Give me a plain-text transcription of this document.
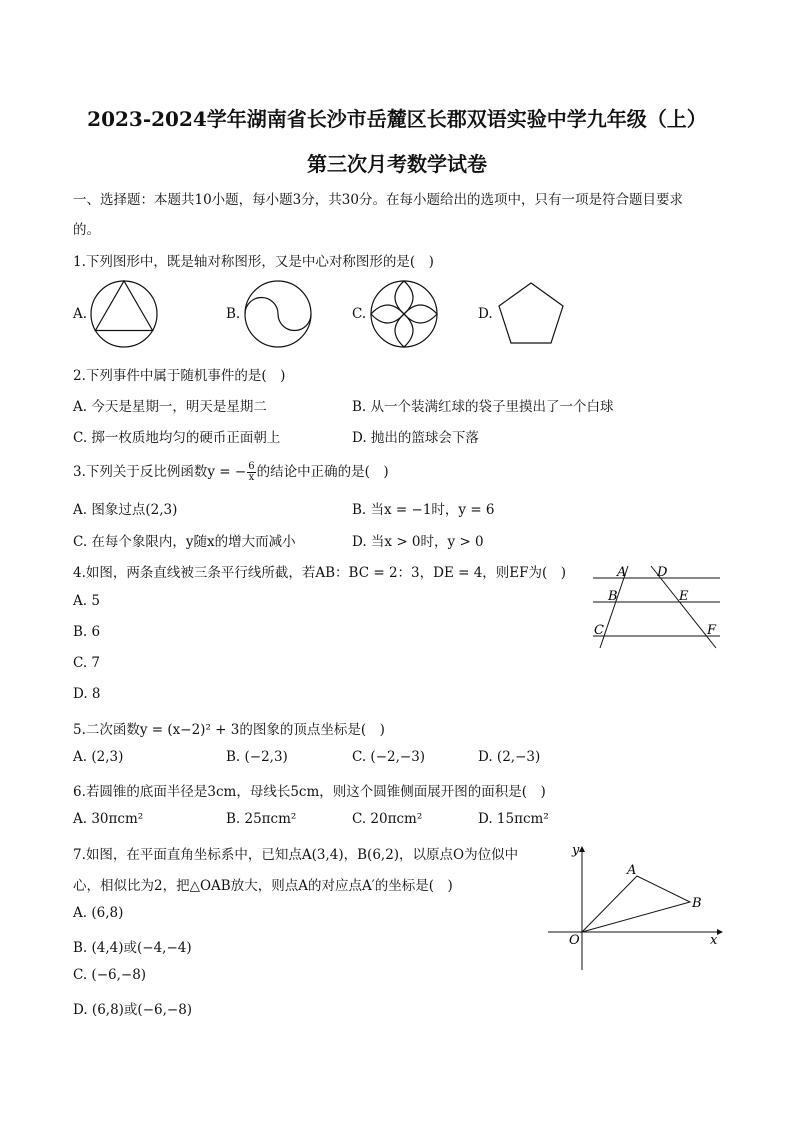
2023-2024学年湖南省长沙市岳麓区长郡双语实验中学九年级（上）
第三次月考数学试卷
一、选择题：本题共10小题，每小题3分，共30分。在每小题给出的选项中，只有一项是符合题目要求
的。
1.下列图形中，既是轴对称图形，又是中心对称图形的是(　)
A.	B.	C.	D.
2.下列事件中属于随机事件的是(　)
A. 今天是星期一，明天是星期二	B. 从一个装满红球的袋子里摸出了一个白球
C. 掷一枚质地均匀的硬币正面朝上	D. 抛出的篮球会下落
3.下列关于反比例函数y = − $\frac{6}{x}$ 的结论中正确的是(　)
A. 图象过点(2,3)	B. 当x = −1时，y = 6
C. 在每个象限内，y随x的增大而减小	D. 当x > 0时，y > 0
4.如图，两条直线被三条平行线所截，若AB：BC = 2：3，DE = 4，则EF为(　)
A. 5
B. 6
C. 7
D. 8
A D
B	E
C	F
5.二次函数y = (x−2)² + 3的图象的顶点坐标是(　)
A. (2,3)	B. (−2,3)	C. (−2,−3)	D. (2,−3)
6.若圆锥的底面半径是3cm，母线长5cm，则这个圆锥侧面展开图的面积是(　)
A. 30πcm²	B. 25πcm²	C. 20πcm²	D. 15πcm²
7.如图，在平面直角坐标系中，已知点A(3,4)，B(6,2)，以原点O为位似中
心，相似比为2，把△OAB放大，则点A的对应点A′的坐标是(　)
A. (6,8)
B. (4,4)或(−4,−4)
C. (−6,−8)
D. (6,8)或(−6,−8)
y
x
O
A
B
